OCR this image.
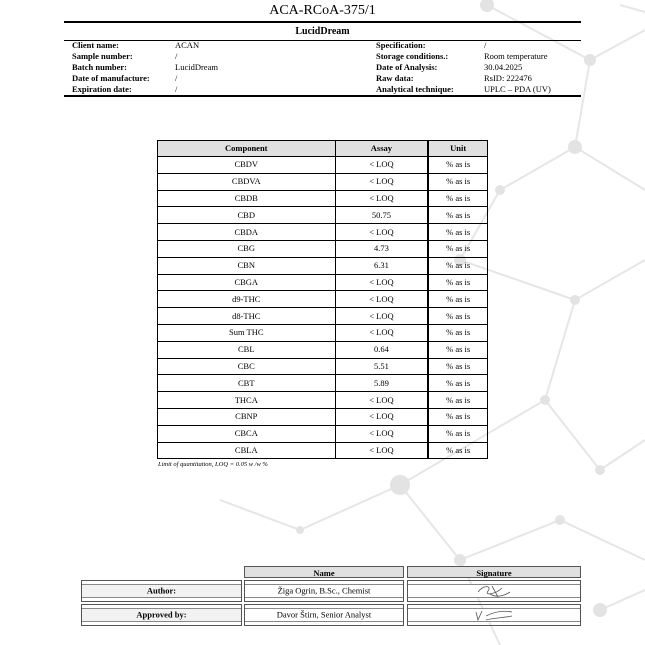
ACA-RCoA-375/1
LucidDream
Client name:	ACAN	Specification:	/
Sample number:	/	Storage conditions.:	Room temperature
Batch number:	LucidDream	Date of Analysis:	30.04.2025
Date of manufacture:	/	Raw data:	RsID: 222476
Expiration date:	/	Analytical technique:	UPLC – PDA (UV)
Component	Assay	Unit
CBDV	< LOQ	% as is
CBDVA	< LOQ	% as is
CBDB	< LOQ	% as is
CBD	50.75	% as is
CBDA	< LOQ	% as is
CBG	4.73	% as is
CBN	6.31	% as is
CBGA	< LOQ	% as is
d9-THC	< LOQ	% as is
d8-THC	< LOQ	% as is
Sum THC	< LOQ	% as is
CBL	0.64	% as is
CBC	5.51	% as is
CBT	5.89	% as is
THCA	< LOQ	% as is
CBNP	< LOQ	% as is
CBCA	< LOQ	% as is
CBLA	< LOQ	% as is
Limit of quantitation, LOQ = 0.05 w /w %
Name	Signature
Author:	Žiga Ogrin, B.Sc., Chemist
Approved by:	Davor Štirn, Senior Analyst
